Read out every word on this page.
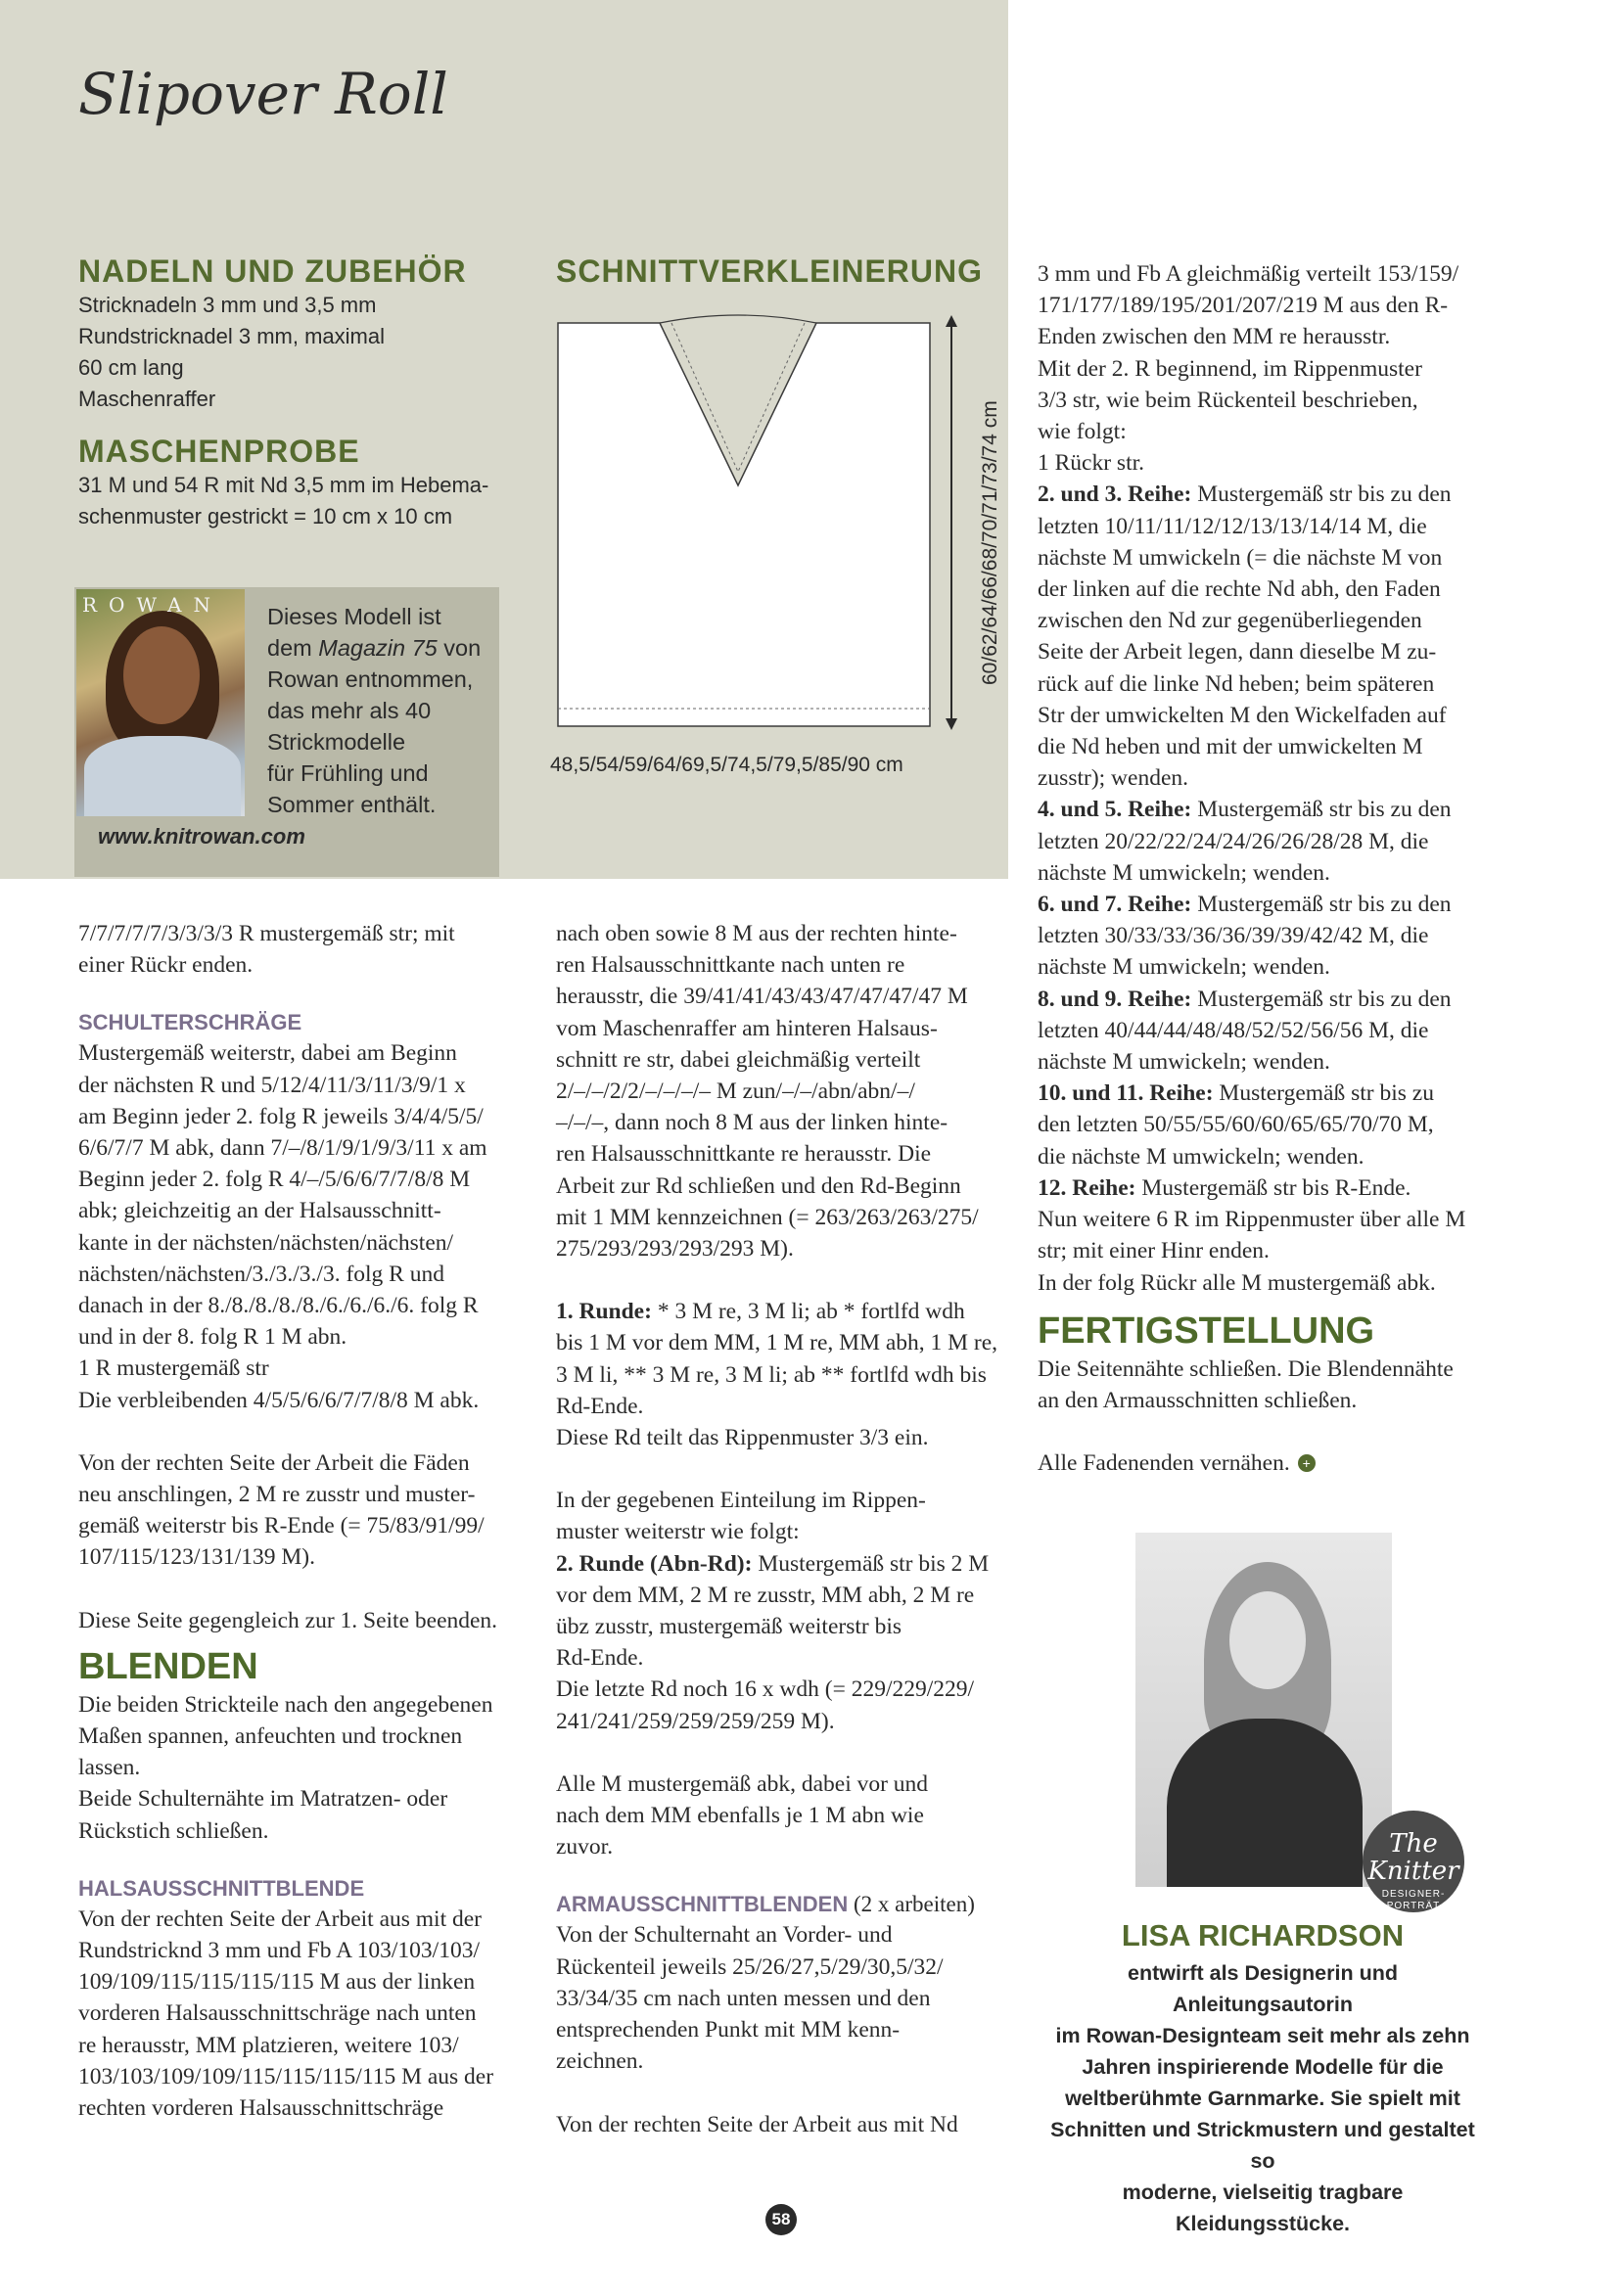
Slipover Roll
NADELN UND ZUBEHÖR
Stricknadeln 3 mm und 3,5 mm
Rundstricknadel 3 mm, maximal
60 cm lang
Maschenraffer
MASCHENPROBE
31 M und 54 R mit Nd 3,5 mm im Hebema-
schenmuster gestrickt = 10 cm x 10 cm
ROWAN Dieses Modell ist
dem Magazin 75 von
Rowan entnommen,
das mehr als 40
Strickmodelle
für Frühling und
Sommer enthält.
www.knitrowan.com
SCHNITTVERKLEINERUNG
48,5/54/59/64/69,5/74,5/79,5/85/90 cm
60/62/64/66/68/70/71/73/74 cm

7/7/7/7/7/3/3/3/3 R mustergemäß str; mit

einer Rückr enden.

SCHULTERSCHRÄGE

Mustergemäß weiterstr, dabei am Beginn

der nächsten R und 5/12/4/11/3/11/3/9/1 x

am Beginn jeder 2. folg R jeweils 3/4/4/5/5/

6/6/7/7 M abk, dann 7/–/8/1/9/1/9/3/11 x am

Beginn jeder 2. folg R 4/–/5/6/6/7/7/8/8 M

abk; gleichzeitig an der Halsausschnitt-

kante in der nächsten/nächsten/nächsten/

nächsten/nächsten/3./3./3./3. folg R und

danach in der 8./8./8./8./8./6./6./6./6. folg R

und in der 8. folg R 1 M abn.

1 R mustergemäß str

Die verbleibenden 4/5/5/6/6/7/7/8/8 M abk.

Von der rechten Seite der Arbeit die Fäden

neu anschlingen, 2 M re zusstr und muster-

gemäß weiterstr bis R-Ende (= 75/83/91/99/

107/115/123/131/139 M).

Diese Seite gegengleich zur 1. Seite beenden.

BLENDEN

Die beiden Strickteile nach den angegebenen

Maßen spannen, anfeuchten und trocknen

lassen.

Beide Schulternähte im Matratzen- oder

Rückstich schließen.

HALSAUSSCHNITTBLENDE

Von der rechten Seite der Arbeit aus mit der

Rundstricknd 3 mm und Fb A 103/103/103/

109/109/115/115/115/115 M aus der linken

vorderen Halsausschnittschräge nach unten

re herausstr, MM platzieren, weitere 103/

103/103/109/109/115/115/115/115 M aus der

rechten vorderen Halsausschnittschräge

nach oben sowie 8 M aus der rechten hinte-

ren Halsausschnittkante nach unten re

herausstr, die 39/41/41/43/43/47/47/47/47 M

vom Maschenraffer am hinteren Halsaus-

schnitt re str, dabei gleichmäßig verteilt

2/–/–/2/2/–/–/–/– M zun/–/–/abn/abn/–/

–/–/–, dann noch 8 M aus der linken hinte-

ren Halsausschnittkante re herausstr. Die

Arbeit zur Rd schließen und den Rd-Beginn

mit 1 MM kennzeichnen (= 263/263/263/275/

275/293/293/293/293 M).

1. Runde: * 3 M re, 3 M li; ab * fortlfd wdh

bis 1 M vor dem MM, 1 M re, MM abh, 1 M re,

3 M li, ** 3 M re, 3 M li; ab ** fortlfd wdh bis

Rd-Ende.

Diese Rd teilt das Rippenmuster 3/3 ein.

In der gegebenen Einteilung im Rippen-

muster weiterstr wie folgt:

2. Runde (Abn-Rd): Mustergemäß str bis 2 M

vor dem MM, 2 M re zusstr, MM abh, 2 M re

übz zusstr, mustergemäß weiterstr bis

Rd-Ende.

Die letzte Rd noch 16 x wdh (= 229/229/229/

241/241/259/259/259/259 M).

Alle M mustergemäß abk, dabei vor und

nach dem MM ebenfalls je 1 M abn wie

zuvor.

ARMAUSSCHNITTBLENDEN (2 x arbeiten)

Von der Schulternaht an Vorder- und

Rückenteil jeweils 25/26/27,5/29/30,5/32/

33/34/35 cm nach unten messen und den

entsprechenden Punkt mit MM kenn-

zeichnen.

Von der rechten Seite der Arbeit aus mit Nd

3 mm und Fb A gleichmäßig verteilt 153/159/

171/177/189/195/201/207/219 M aus den R-

Enden zwischen den MM re herausstr.

Mit der 2. R beginnend, im Rippenmuster

3/3 str, wie beim Rückenteil beschrieben,

wie folgt:

1 Rückr str.

2. und 3. Reihe: Mustergemäß str bis zu den

letzten 10/11/11/12/12/13/13/14/14 M, die

nächste M umwickeln (= die nächste M von

der linken auf die rechte Nd abh, den Faden

zwischen den Nd zur gegenüberliegenden

Seite der Arbeit legen, dann dieselbe M zu-

rück auf die linke Nd heben; beim späteren

Str der umwickelten M den Wickelfaden auf

die Nd heben und mit der umwickelten M

zusstr); wenden.

4. und 5. Reihe: Mustergemäß str bis zu den

letzten 20/22/22/24/24/26/26/28/28 M, die

nächste M umwickeln; wenden.

6. und 7. Reihe: Mustergemäß str bis zu den

letzten 30/33/33/36/36/39/39/42/42 M, die

nächste M umwickeln; wenden.

8. und 9. Reihe: Mustergemäß str bis zu den

letzten 40/44/44/48/48/52/52/56/56 M, die

nächste M umwickeln; wenden.

10. und 11. Reihe: Mustergemäß str bis zu

den letzten 50/55/55/60/60/65/65/70/70 M,

die nächste M umwickeln; wenden.

12. Reihe: Mustergemäß str bis R-Ende.

Nun weitere 6 R im Rippenmuster über alle M

str; mit einer Hinr enden.

In der folg Rückr alle M mustergemäß abk.

FERTIGSTELLUNG

Die Seitennähte schließen. Die Blendennähte

an den Armausschnitten schließen.

Alle Fadenenden vernähen. +

The Knitter
DESIGNER-PORTRÄT
LISA RICHARDSON
entwirft als Designerin und Anleitungsautorin
im Rowan-Designteam seit mehr als zehn
Jahren inspirierende Modelle für die
weltberühmte Garnmarke. Sie spielt mit
Schnitten und Strickmustern und gestaltet so
moderne, vielseitig tragbare Kleidungsstücke.
58
